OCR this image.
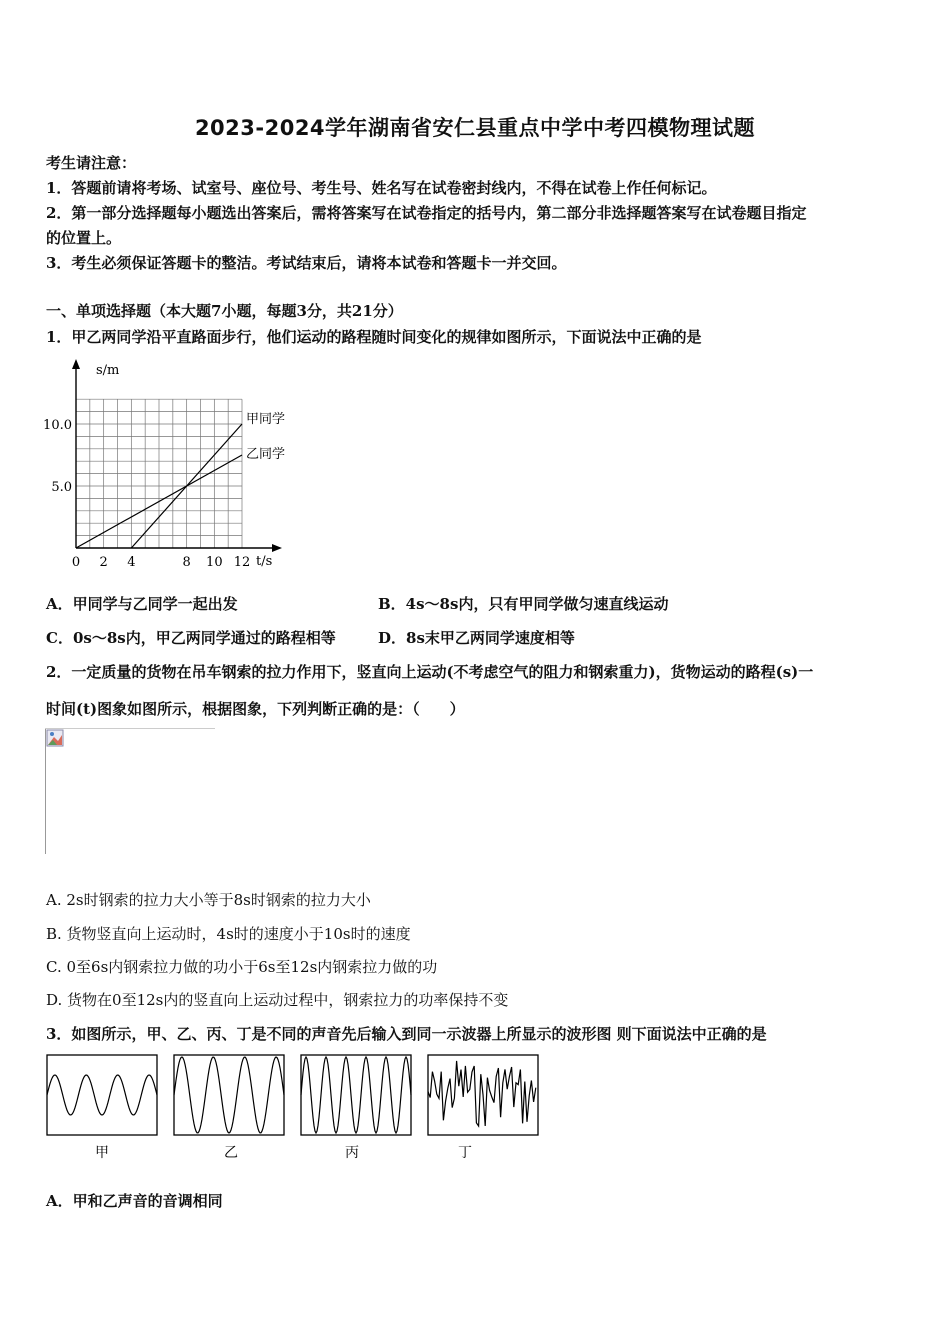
2023-2024学年湖南省安仁县重点中学中考四模物理试题
考生请注意：
1．答题前请将考场、试室号、座位号、考生号、姓名写在试卷密封线内，不得在试卷上作任何标记。
2．第一部分选择题每小题选出答案后，需将答案写在试卷指定的括号内，第二部分非选择题答案写在试卷题目指定
的位置上。
3．考生必须保证答题卡的整洁。考试结束后，请将本试卷和答题卡一并交回。
一、单项选择题（本大题7小题，每题3分，共21分）
1．甲乙两同学沿平直路面步行，他们运动的路程随时间变化的规律如图所示，下面说法中正确的是
s/m
t/s
0 2 4	8 10 12
5.0
10.0	甲同学
乙同学
A．甲同学与乙同学一起出发	B．4s～8s内，只有甲同学做匀速直线运动
C．0s～8s内，甲乙两同学通过的路程相等	D．8s末甲乙两同学速度相等
2．一定质量的货物在吊车钢索的拉力作用下，竖直向上运动(不考虑空气的阻力和钢索重力)，货物运动的路程(s)一
时间(t)图象如图所示，根据图象，下列判断正确的是：（　　）
A. 2s时钢索的拉力大小等于8s时钢索的拉力大小
B. 货物竖直向上运动时，4s时的速度小于10s时的速度
C. 0至6s内钢索拉力做的功小于6s至12s内钢索拉力做的功
D. 货物在0至12s内的竖直向上运动过程中，钢索拉力的功率保持不变
3．如图所示，甲、乙、丙、丁是不同的声音先后输入到同一示波器上所显示的波形图 则下面说法中正确的是
甲	乙	丙	丁
A．甲和乙声音的音调相同
